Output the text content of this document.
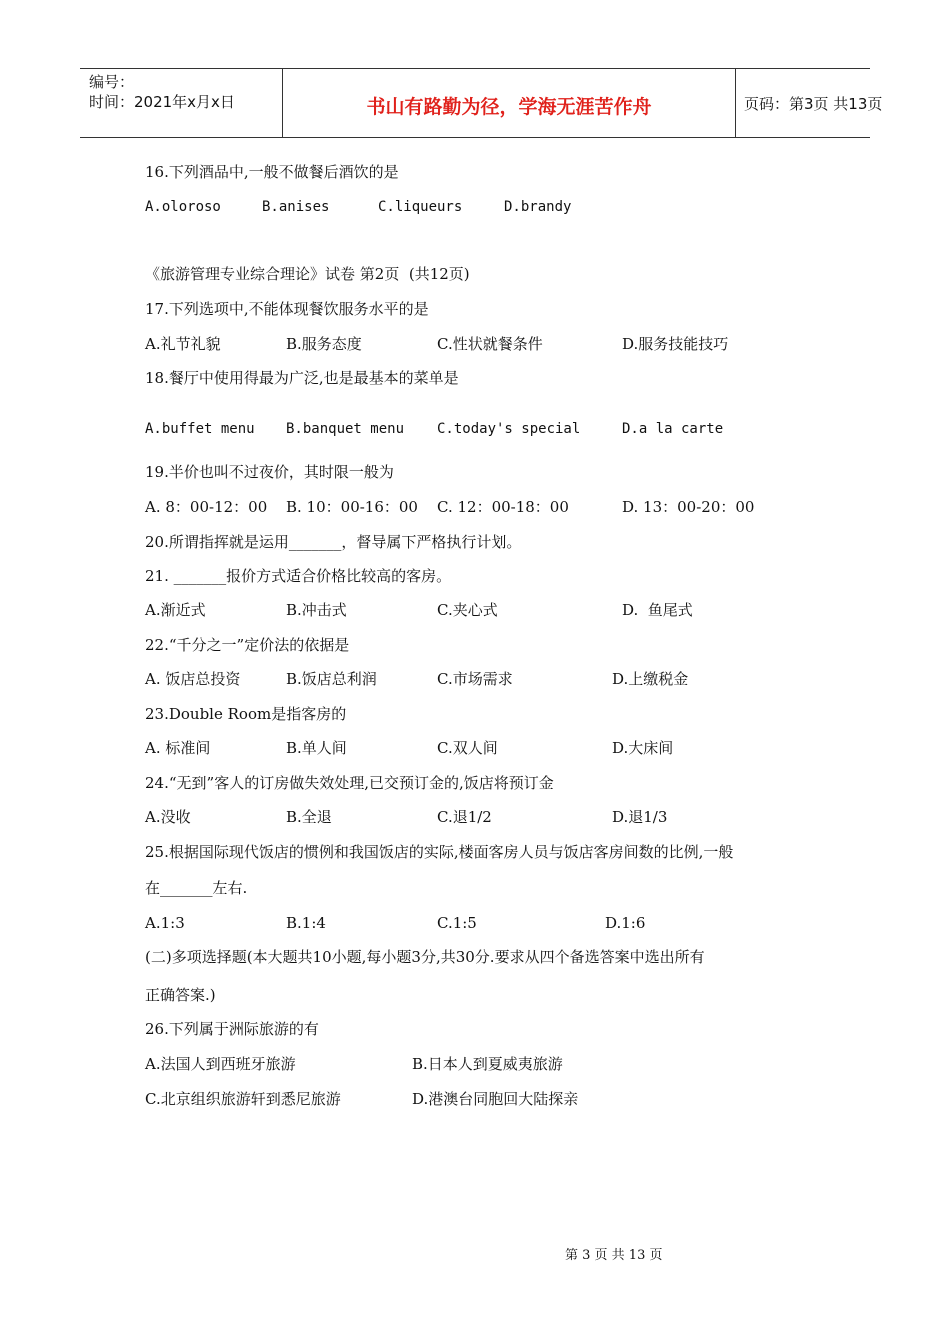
编号：
时间：2021年x月x日	书山有路勤为径，学海无涯苦作舟	页码：第3页 共13页
16.下列酒品中,一般不做餐后酒饮的是
A.oloroso	B.anises	C.liqueurs	D.brandy
《旅游管理专业综合理论》试卷 第2页  (共12页)
17.下列选项中,不能体现餐饮服务水平的是
A.礼节礼貌	B.服务态度	C.性状就餐条件	D.服务技能技巧
18.餐厅中使用得最为广泛,也是最基本的菜单是
A.buffet menu B.banquet menu C.today's special	D.a la carte
19.半价也叫不过夜价，其时限一般为
A. 8：00-12：00 B. 10：00-16：00 C. 12：00-18：00	D. 13：00-20：00
20.所谓指挥就是运用_______，督导属下严格执行计划。
21. _______报价方式适合价格比较高的客房。
A.渐近式	B.冲击式	C.夹心式	D.  鱼尾式
22.“千分之一”定价法的依据是
A. 饭店总投资	B.饭店总利润	C.市场需求	D.上缴税金
23.Double Room是指客房的
A. 标准间	B.单人间	C.双人间	D.大床间
24.“无到”客人的订房做失效处理,已交预订金的,饭店将预订金
A.没收	B.全退	C.退1/2	D.退1/3
25.根据国际现代饭店的惯例和我国饭店的实际,楼面客房人员与饭店客房间数的比例,一般
在_______左右.
A.1:3	B.1:4	C.1:5	D.1:6
(二)多项选择题(本大题共10小题,每小题3分,共30分.要求从四个备选答案中选出所有
正确答案.)
26.下列属于洲际旅游的有
A.法国人到西班牙旅游	B.日本人到夏威夷旅游
C.北京组织旅游轩到悉尼旅游	D.港澳台同胞回大陆探亲
第 3 页 共 13 页
